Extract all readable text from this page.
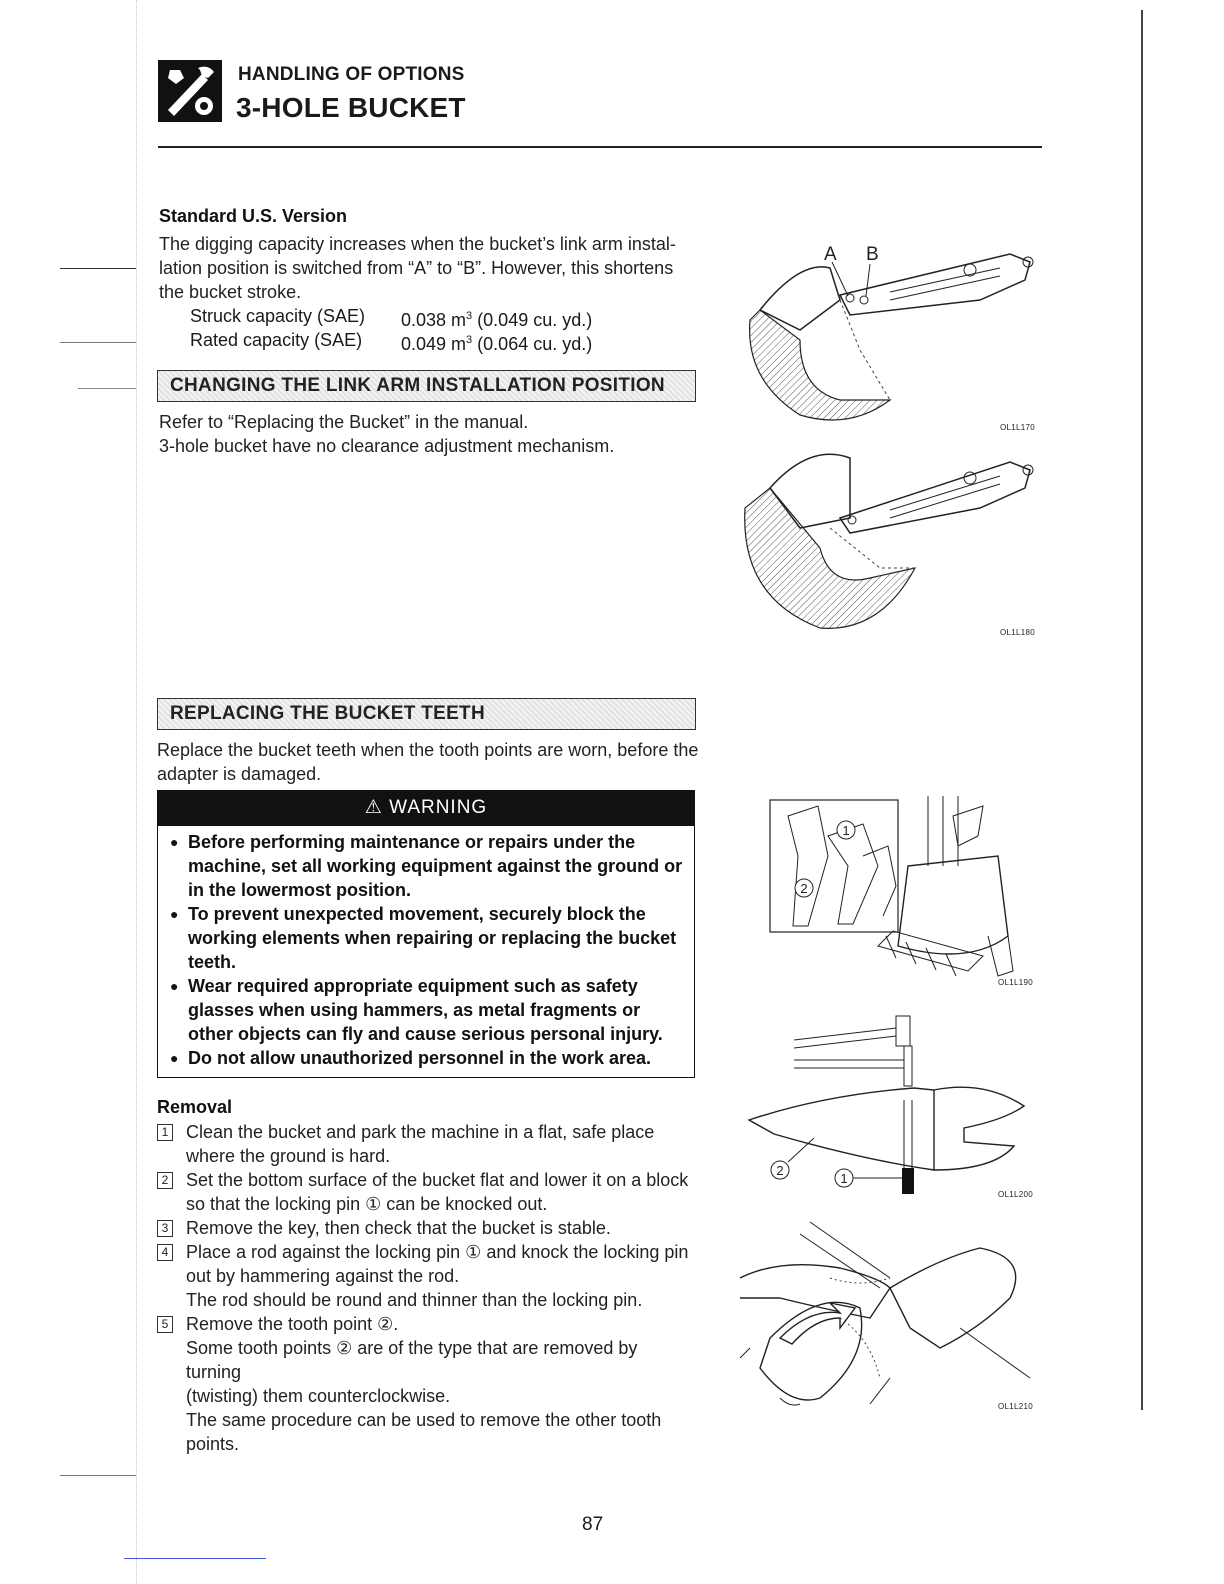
HANDLING OF OPTIONS
3-HOLE BUCKET
Standard U.S. Version
The digging capacity increases when the bucket’s link arm instal-
lation position is switched from “A” to “B”. However, this shortens
the bucket stroke.
Struck capacity (SAE) 0.038 $m^3$ (0.049 cu. yd.)
Rated capacity (SAE) 0.049 $m^3$ (0.064 cu. yd.)
CHANGING THE LINK ARM INSTALLATION POSITION
Refer to “Replacing the Bucket” in the manual.
3-hole bucket have no clearance adjustment mechanism.
REPLACING THE BUCKET TEETH
Replace the bucket teeth when the tooth points are worn, before the
adapter is damaged.
⚠ WARNING
● Before performing maintenance or repairs under the
machine, set all working equipment against the ground or
in the lowermost position.
● To prevent unexpected movement, securely block the
working elements when repairing or replacing the bucket
teeth.
● Wear required appropriate equipment such as safety
glasses when using hammers, as metal fragments or
other objects can fly and cause serious personal injury.
● Do not allow unauthorized personnel in the work area.
Removal
1 Clean the bucket and park the machine in a flat, safe place
where the ground is hard.
2 Set the bottom surface of the bucket flat and lower it on a block
so that the locking pin ① can be knocked out.
3 Remove the key, then check that the bucket is stable.
4 Place a rod against the locking pin ① and knock the locking pin
out by hammering against the rod.
The rod should be round and thinner than the locking pin.
5 Remove the tooth point ②.
Some tooth points ② are of the type that are removed by turning
(twisting) them counterclockwise.
The same procedure can be used to remove the other tooth
points.
A B
OL1L170
OL1L180
1
2
OL1L190
2
1
OL1L200
OL1L210
87
